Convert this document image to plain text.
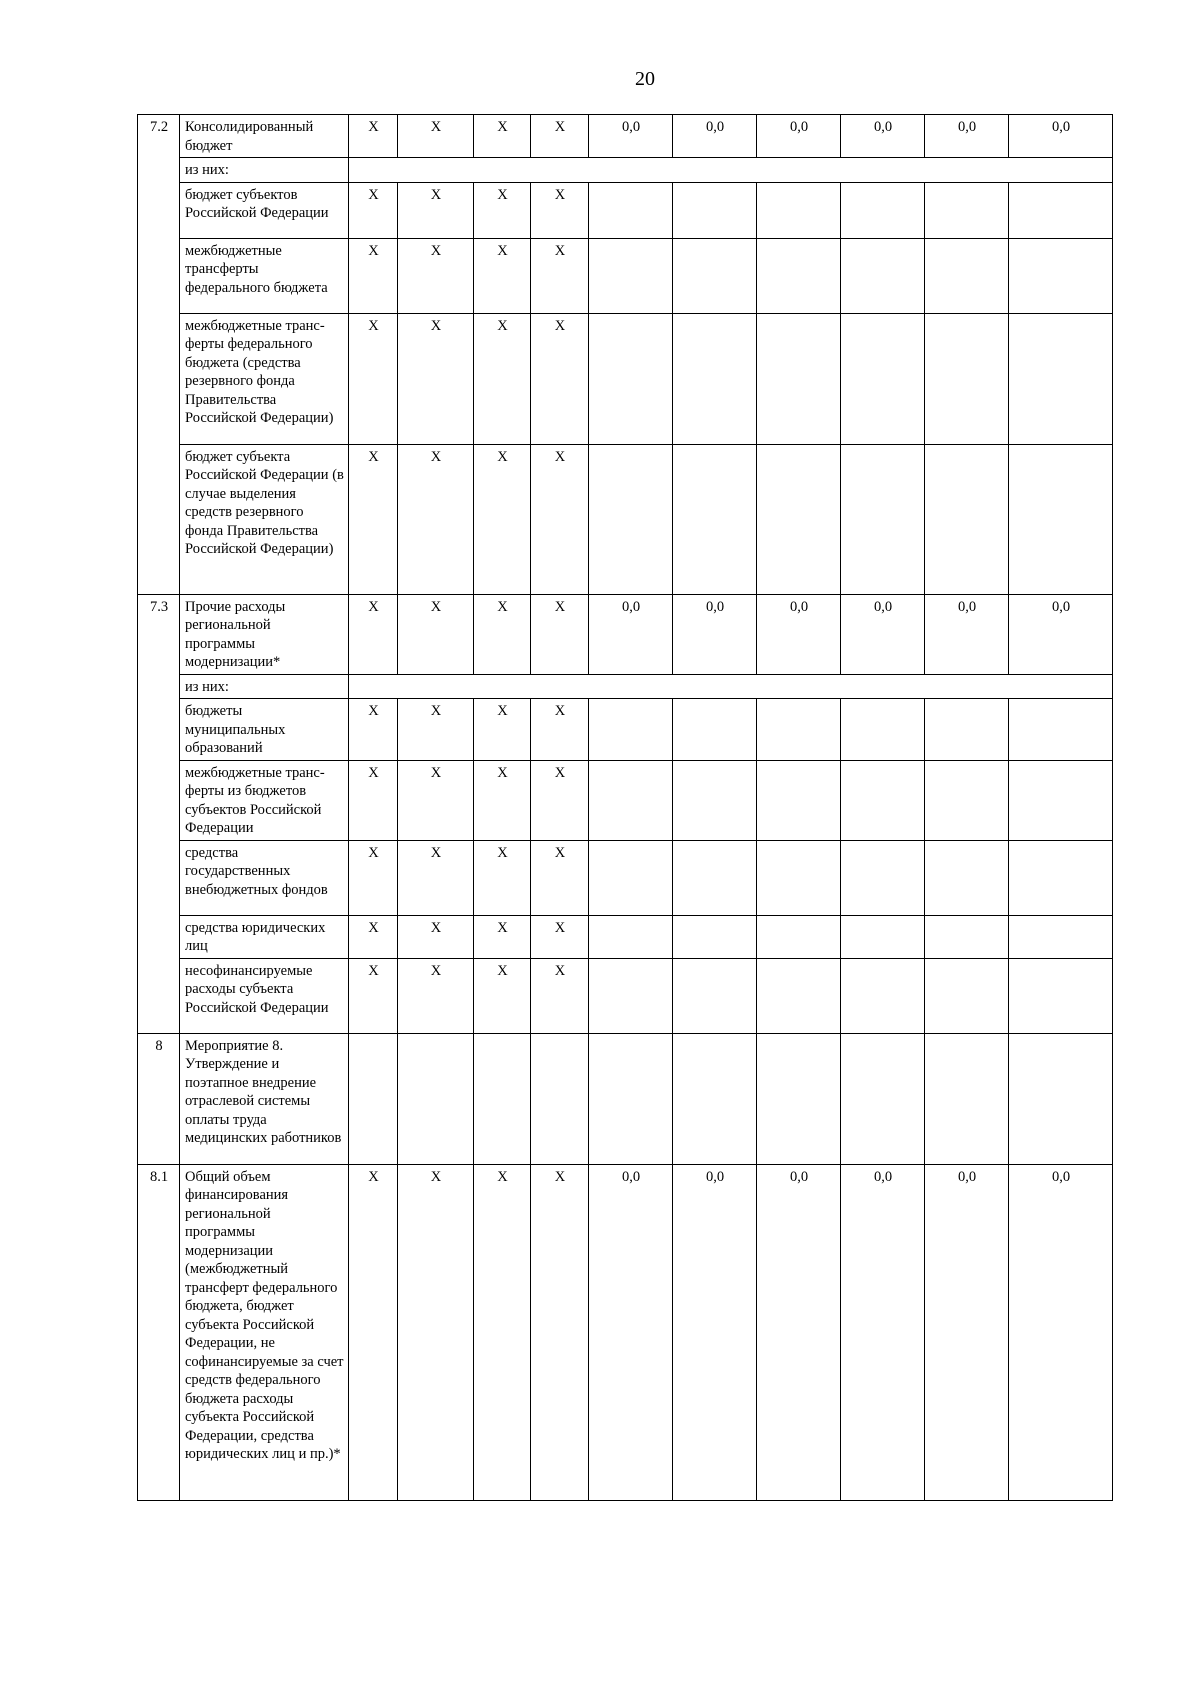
20
7.2	Консолидированный бюджет	X	X	X	X	0,0	0,0	0,0	0,0	0,0	0,0
	из них:										
	бюджет субъектов Российской Федерации	X	X	X	X						
	межбюджетные трансферты федерального бюджета	X	X	X	X						
	межбюджетные транс- ферты федерального бюджета (средства резервного фонда Правительства Российской Федерации)	X	X	X	X						
	бюджет субъекта Российской Федерации (в случае выделения средств резервного фонда Правительства Российской Федерации)	X	X	X	X						
7.3	Прочие расходы региональной программы модернизации*	X	X	X	X	0,0	0,0	0,0	0,0	0,0	0,0
	из них:										
	бюджеты муниципальных образований	X	X	X	X						
	межбюджетные транс- ферты из бюджетов субъектов Российской Федерации	X	X	X	X						
	средства государственных внебюджетных фондов	X	X	X	X						
	средства юридических лиц	X	X	X	X						
	несофинансируемые расходы субъекта Российской Федерации	X	X	X	X						
8	Мероприятие 8. Утверждение и поэтапное внедрение отраслевой системы оплаты труда медицинских работников										
8.1	Общий объем финансирования региональной программы модернизации (межбюджетный трансферт федерального бюджета, бюджет субъекта Российской Федерации, не софинансируемые за счет средств федерального бюджета расходы субъекта Российской Федерации, средства юридических лиц и пр.)*	X	X	X	X	0,0	0,0	0,0	0,0	0,0	0,0
